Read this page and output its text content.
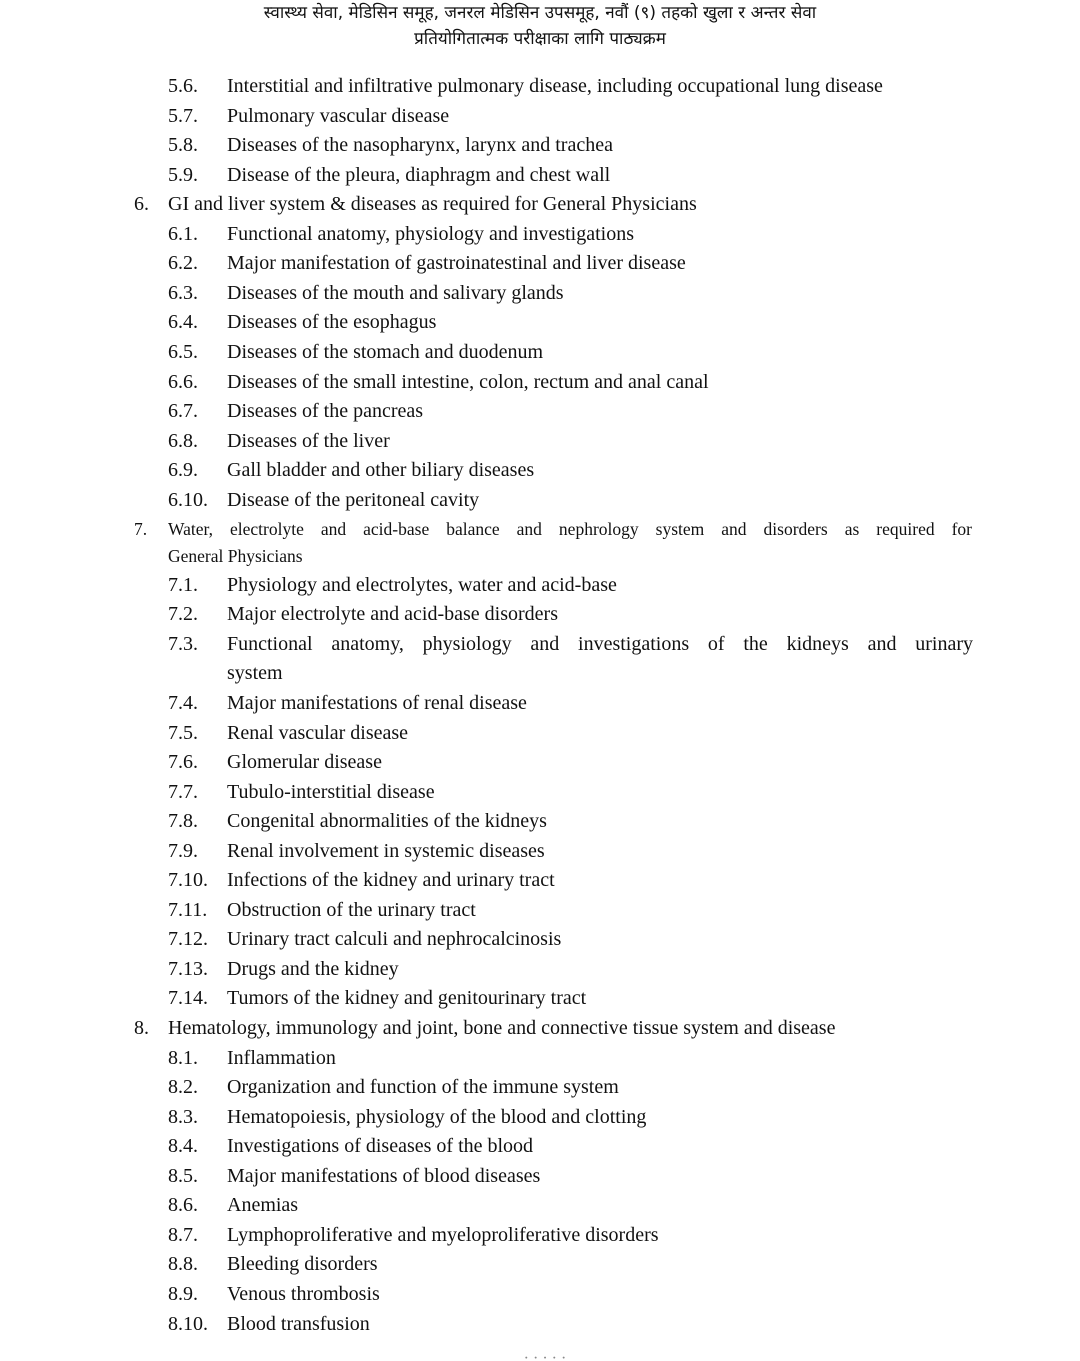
स्वास्थ्य सेवा, मेडिसिन समूह, जनरल मेडिसिन उपसमूह, नवौं (९) तहको खुला र अन्तर सेवा
प्रतियोगितात्मक परीक्षाका लागि पाठ्यक्रम
5.6. Interstitial and infiltrative pulmonary disease, including occupational lung disease
5.7. Pulmonary vascular disease
5.8. Diseases of the nasopharynx, larynx and trachea
5.9. Disease of the pleura, diaphragm and chest wall
6. GI and liver system & diseases as required for General Physicians
6.1. Functional anatomy, physiology and investigations
6.2. Major manifestation of gastroinatestinal and liver disease
6.3. Diseases of the mouth and salivary glands
6.4. Diseases of the esophagus
6.5. Diseases of the stomach and duodenum
6.6. Diseases of the small intestine, colon, rectum and anal canal
6.7. Diseases of the pancreas
6.8. Diseases of the liver
6.9. Gall bladder and other biliary diseases
6.10. Disease of the peritoneal cavity
7. Water, electrolyte and acid-base balance and nephrology system and disorders as required for
General Physicians
7.1. Physiology and electrolytes, water and acid-base
7.2. Major electrolyte and acid-base disorders
7.3. Functional anatomy, physiology and investigations of the kidneys and urinary
system
7.4. Major manifestations of renal disease
7.5. Renal vascular disease
7.6. Glomerular disease
7.7. Tubulo-interstitial disease
7.8. Congenital abnormalities of the kidneys
7.9. Renal involvement in systemic diseases
7.10. Infections of the kidney and urinary tract
7.11. Obstruction of the urinary tract
7.12. Urinary tract calculi and nephrocalcinosis
7.13. Drugs and the kidney
7.14. Tumors of the kidney and genitourinary tract
8. Hematology, immunology and joint, bone and connective tissue system and disease
8.1. Inflammation
8.2. Organization and function of the immune system
8.3. Hematopoiesis, physiology of the blood and clotting
8.4. Investigations of diseases of the blood
8.5. Major manifestations of blood diseases
8.6. Anemias
8.7. Lymphoproliferative and myeloproliferative disorders
8.8. Bleeding disorders
8.9. Venous thrombosis
8.10. Blood transfusion
· · · · ·
